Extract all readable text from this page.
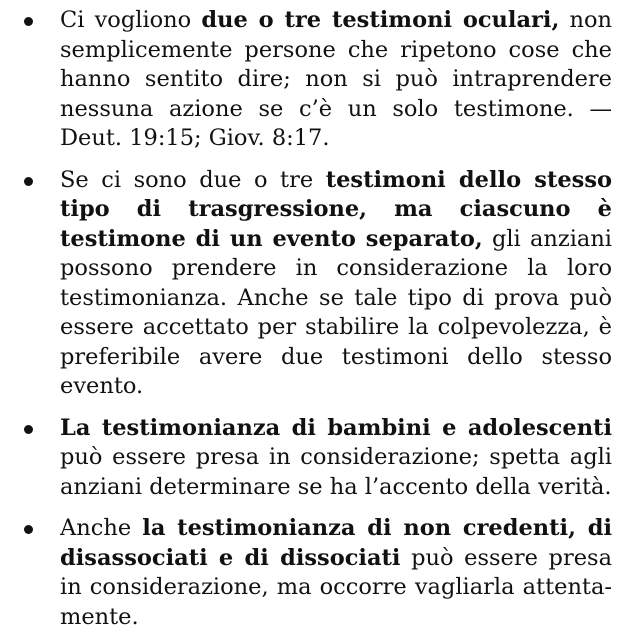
Ci vogliono due o tre testimoni oculari, non semplicemente persone che ripetono cose che hanno sentito dire; non si può intraprendere nessuna azione se c’è un solo testimone. — Deut. 19:15; Giov. 8:17.
Se ci sono due o tre testimoni dello stesso tipo di trasgressione, ma ciascuno è testimone di un evento separato, gli anziani possono prendere in considerazione la loro testimonianza. Anche se tale tipo di prova può essere accettato per stabilire la colpevolezza, è preferibile avere due testimoni dello stesso evento.
La testimonianza di bambini e adolescenti può essere presa in considerazione; spetta agli anziani determinare se ha l’accento della verità.
Anche la testimonianza di non credenti, di disassociati e di dissociati può essere presa in considerazione, ma occorre vagliarla attentamente.
